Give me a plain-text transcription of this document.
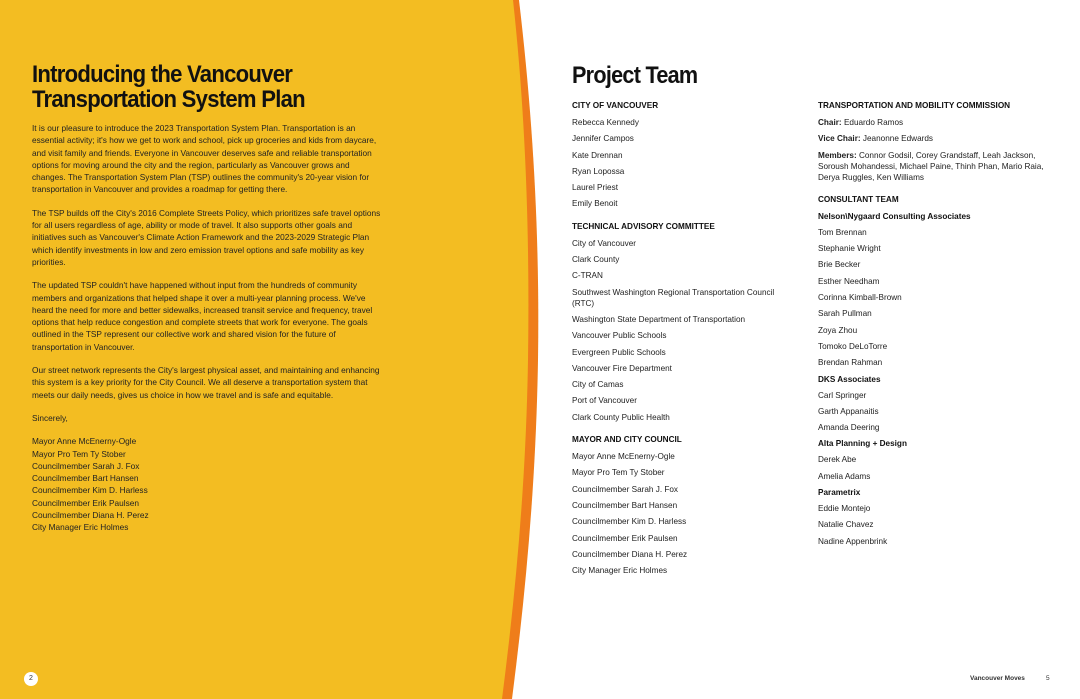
Introducing the Vancouver
Transportation System Plan

It is our pleasure to introduce the 2023 Transportation System Plan. Transportation is an essential activity; it's how we get to work and school, pick up groceries and kids from daycare, and visit family and friends. Everyone in Vancouver deserves safe and reliable transportation options for moving around the city and the region, particularly as Vancouver grows and changes. The Transportation System Plan (TSP) outlines the community's 20-year vision for transportation in Vancouver and provides a roadmap for getting there.

The TSP builds off the City's 2016 Complete Streets Policy, which prioritizes safe travel options for all users regardless of age, ability or mode of travel. It also supports other goals and initiatives such as Vancouver's Climate Action Framework and the 2023-2029 Strategic Plan which identify investments in low and zero emission travel options and safe mobility as key priorities.

The updated TSP couldn't have happened without input from the hundreds of community members and organizations that helped shape it over a multi-year planning process. We've heard the need for more and better sidewalks, increased transit service and frequency, travel options that help reduce congestion and complete streets that work for everyone. The goals outlined in the TSP represent our collective work and shared vision for the future of transportation in Vancouver.

Our street network represents the City's largest physical asset, and maintaining and enhancing this system is a key priority for the City Council. We all deserve a transportation system that meets our daily needs, gives us choice in how we travel and is safe and equitable.

Sincerely,

Mayor Anne McEnerny-Ogle
Mayor Pro Tem Ty Stober
Councilmember Sarah J. Fox
Councilmember Bart Hansen
Councilmember Kim D. Harless
Councilmember Erik Paulsen
Councilmember Diana H. Perez
City Manager Eric Holmes
2
Project Team
CITY OF VANCOUVER
Rebecca Kennedy
Jennifer Campos
Kate Drennan
Ryan Lopossa
Laurel Priest
Emily Benoit
TECHNICAL ADVISORY COMMITTEE
City of Vancouver
Clark County
C-TRAN
Southwest Washington Regional Transportation Council (RTC)
Washington State Department of Transportation
Vancouver Public Schools
Evergreen Public Schools
Vancouver Fire Department
City of Camas
Port of Vancouver
Clark County Public Health
MAYOR AND CITY COUNCIL
Mayor Anne McEnerny-Ogle
Mayor Pro Tem Ty Stober
Councilmember Sarah J. Fox
Councilmember Bart Hansen
Councilmember Kim D. Harless
Councilmember Erik Paulsen
Councilmember Diana H. Perez
City Manager Eric Holmes
TRANSPORTATION AND MOBILITY COMMISSION
Chair: Eduardo Ramos
Vice Chair: Jeanonne Edwards
Members: Connor Godsil, Corey Grandstaff, Leah Jackson, Soroush Mohandessi, Michael Paine, Thinh Phan, Mario Raia, Derya Ruggles, Ken Williams
CONSULTANT TEAM
Nelson\Nygaard Consulting Associates
Tom Brennan
Stephanie Wright
Brie Becker
Esther Needham
Corinna Kimball-Brown
Sarah Pullman
Zoya Zhou
Tomoko DeLoTorre
Brendan Rahman
DKS Associates
Carl Springer
Garth Appanaitis
Amanda Deering
Alta Planning + Design
Derek Abe
Amelia Adams
Parametrix
Eddie Montejo
Natalie Chavez
Nadine Appenbrink
Vancouver Moves	5
